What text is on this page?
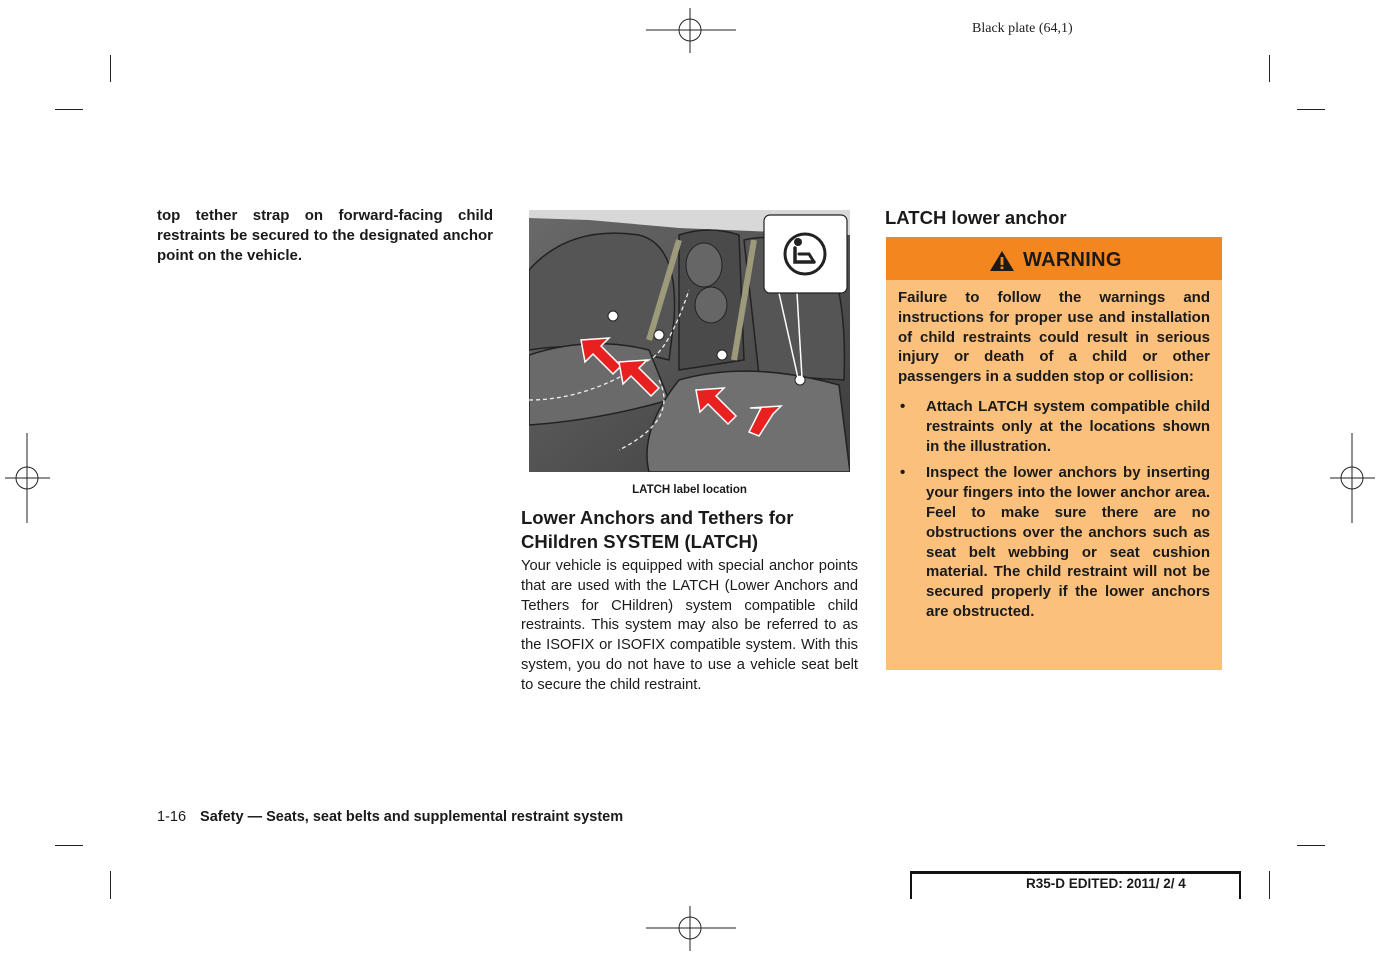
Black plate (64,1)
top tether strap on forward-facing child restraints be secured to the designated anchor point on the vehicle.
LATCH label location
Lower Anchors and Tethers for CHildren SYSTEM (LATCH)
Your vehicle is equipped with special anchor points that are used with the LATCH (Lower Anchors and Tethers for CHildren) system compatible child restraints. This system may also be referred to as the ISOFIX or ISOFIX compatible system. With this system, you do not have to use a vehicle seat belt to secure the child restraint.
LATCH lower anchor
WARNING

Failure to follow the warnings and instructions for proper use and installation of child restraints could result in serious injury or death of a child or other passengers in a sudden stop or collision:

• Attach LATCH system compatible child restraints only at the locations shown in the illustration.
• Inspect the lower anchors by inserting your fingers into the lower anchor area. Feel to make sure there are no obstructions over the anchors such as seat belt webbing or seat cushion material. The child restraint will not be secured properly if the lower anchors are obstructed.
1-16 Safety — Seats, seat belts and supplemental restraint system
R35-D EDITED: 2011/ 2/ 4
